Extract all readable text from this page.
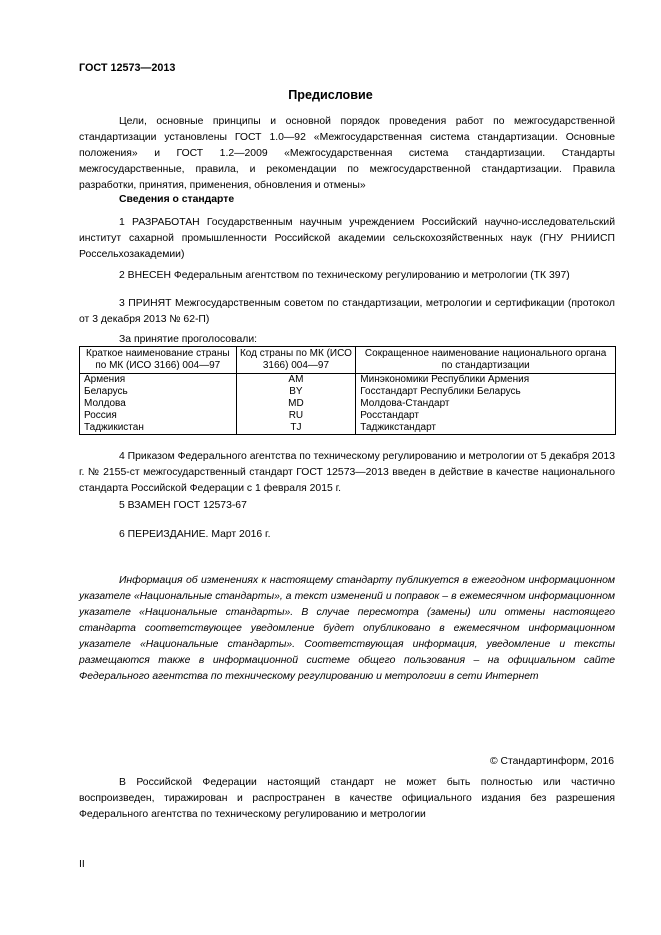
ГОСТ 12573—2013
Предисловие
Цели, основные принципы и основной порядок проведения работ по межгосударственной стандартизации установлены ГОСТ 1.0—92 «Межгосударственная система стандартизации. Основные положения» и ГОСТ 1.2—2009 «Межгосударственная система стандартизации. Стандарты межгосударственные, правила, и рекомендации по межгосударственной стандартизации. Правила разработки, принятия, применения, обновления и отмены»
Сведения о стандарте
1 РАЗРАБОТАН Государственным научным учреждением Российский научно-исследовательский институт сахарной промышленности Российской академии сельскохозяйственных наук (ГНУ РНИИСП Россельхозакадемии)
2 ВНЕСЕН Федеральным агентством по техническому регулированию и метрологии (ТК 397)
3 ПРИНЯТ Межгосударственным советом по стандартизации, метрологии и сертификации (протокол от 3 декабря 2013 № 62-П)
За принятие проголосовали:
Краткое наименование страны по МК (ИСО 3166) 004—97	Код страны по МК (ИСО 3166) 004—97	Сокращенное наименование национального органа по стандартизации
Армения	AM	Минэкономики Республики Армения
Беларусь	BY	Госстандарт Республики Беларусь
Молдова	MD	Молдова-Стандарт
Россия	RU	Росстандарт
Таджикистан	TJ	Таджикстандарт
4 Приказом Федерального агентства по техническому регулированию и метрологии от 5 декабря 2013 г. № 2155-ст межгосударственный стандарт ГОСТ 12573—2013 введен в действие в качестве национального стандарта Российской Федерации с 1 февраля 2015 г.
5 ВЗАМЕН ГОСТ 12573-67
6 ПЕРЕИЗДАНИЕ. Март 2016 г.
Информация об изменениях к настоящему стандарту публикуется в ежегодном информационном указателе «Национальные стандарты», а текст изменений и поправок – в ежемесячном информационном указателе «Национальные стандарты». В случае пересмотра (замены) или отмены настоящего стандарта соответствующее уведомление будет опубликовано в ежемесячном информационном указателе «Национальные стандарты». Соответствующая информация, уведомление и тексты размещаются также в информационной системе общего пользования – на официальном сайте Федерального агентства по техническому регулированию и метрологии в сети Интернет
© Стандартинформ, 2016
В Российской Федерации настоящий стандарт не может быть полностью или частично воспроизведен, тиражирован и распространен в качестве официального издания без разрешения Федерального агентства по техническому регулированию и метрологии
II
